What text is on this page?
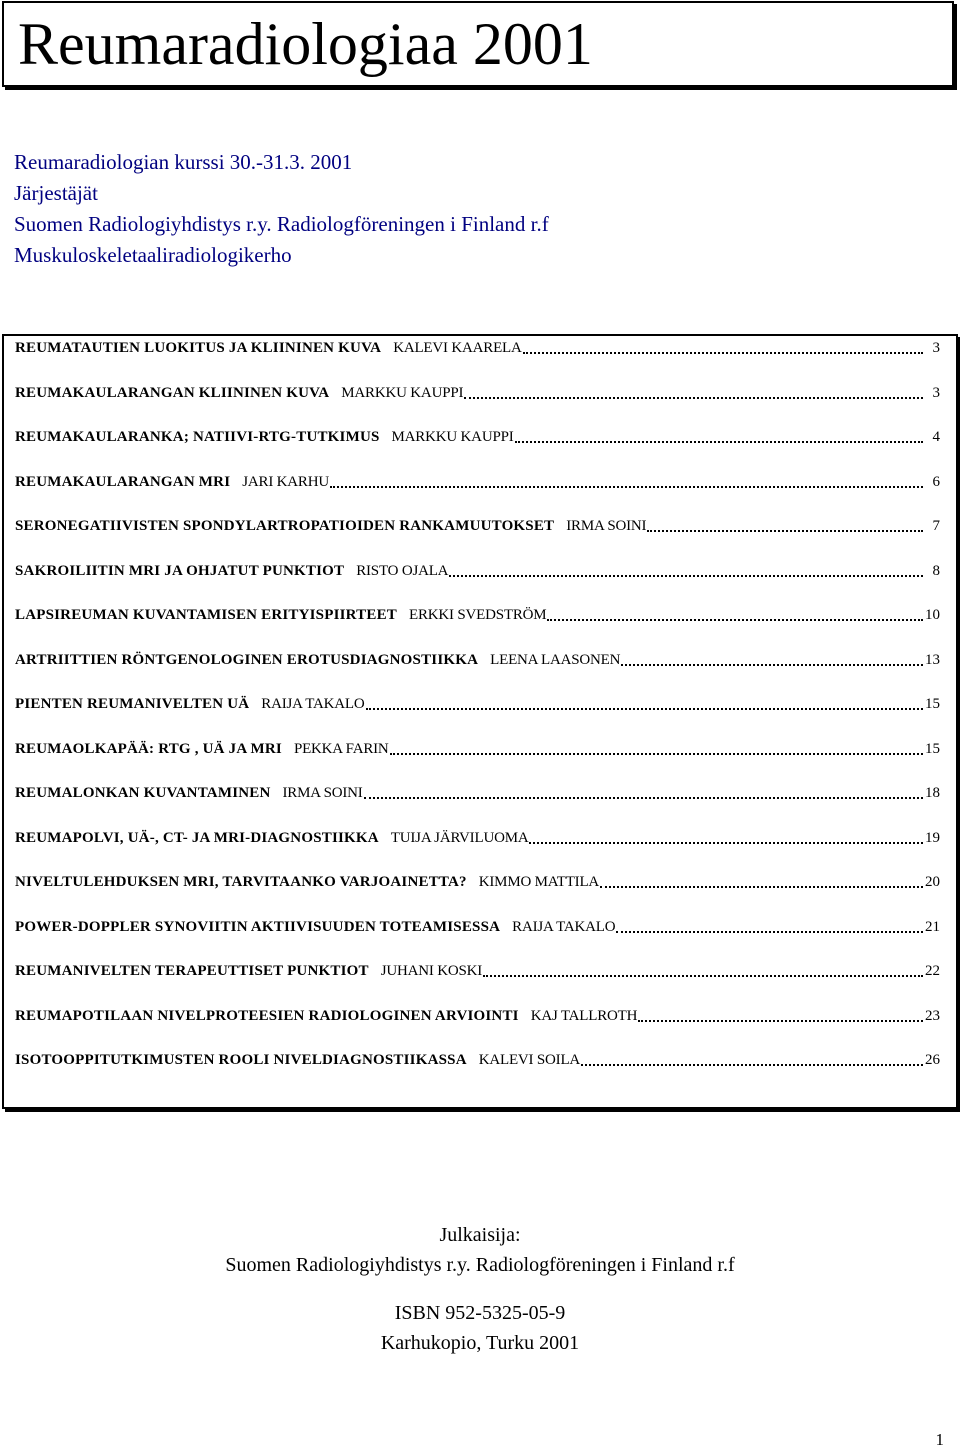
Reumaradiologiaa 2001
Reumaradiologian kurssi 30.-31.3. 2001
Järjestäjät
Suomen Radiologiyhdistys r.y. Radiologföreningen i Finland r.f
Muskuloskeletaaliradiologikerho
REUMATAUTIEN LUOKITUS JA KLIININEN KUVA KALEVI KAARELA	3
REUMAKAULARANGAN KLIININEN KUVA MARKKU KAUPPI	3
REUMAKAULARANKA; NATIIVI-RTG-TUTKIMUS MARKKU KAUPPI	4
REUMAKAULARANGAN MRI JARI KARHU	6
SERONEGATIIVISTEN SPONDYLARTROPATIOIDEN RANKAMUUTOKSET IRMA SOINI	7
SAKROILIITIN MRI JA OHJATUT PUNKTIOT RISTO OJALA	8
LAPSIREUMAN KUVANTAMISEN ERITYISPIIRTEET ERKKI SVEDSTRÖM	10
ARTRIITTIEN RÖNTGENOLOGINEN EROTUSDIAGNOSTIIKKA LEENA LAASONEN	13
PIENTEN REUMANIVELTEN UÄ RAIJA TAKALO	15
REUMAOLKAPÄÄ: RTG , UÄ JA MRI PEKKA FARIN	15
REUMALONKAN KUVANTAMINEN IRMA SOINI	18
REUMAPOLVI, UÄ-, CT- JA MRI-DIAGNOSTIIKKA TUIJA JÄRVILUOMA	19
NIVELTULEHDUKSEN MRI, TARVITAANKO VARJOAINETTA? KIMMO MATTILA	20
POWER-DOPPLER SYNOVIITIN AKTIIVISUUDEN TOTEAMISESSA RAIJA TAKALO	21
REUMANIVELTEN TERAPEUTTISET PUNKTIOT JUHANI KOSKI	22
REUMAPOTILAAN NIVELPROTEESIEN RADIOLOGINEN ARVIOINTI KAJ TALLROTH	23
ISOTOOPPITUTKIMUSTEN ROOLI NIVELDIAGNOSTIIKASSA KALEVI SOILA	26
Julkaisija:
Suomen Radiologiyhdistys r.y. Radiologföreningen i Finland r.f
ISBN 952-5325-05-9
Karhukopio, Turku 2001
1
